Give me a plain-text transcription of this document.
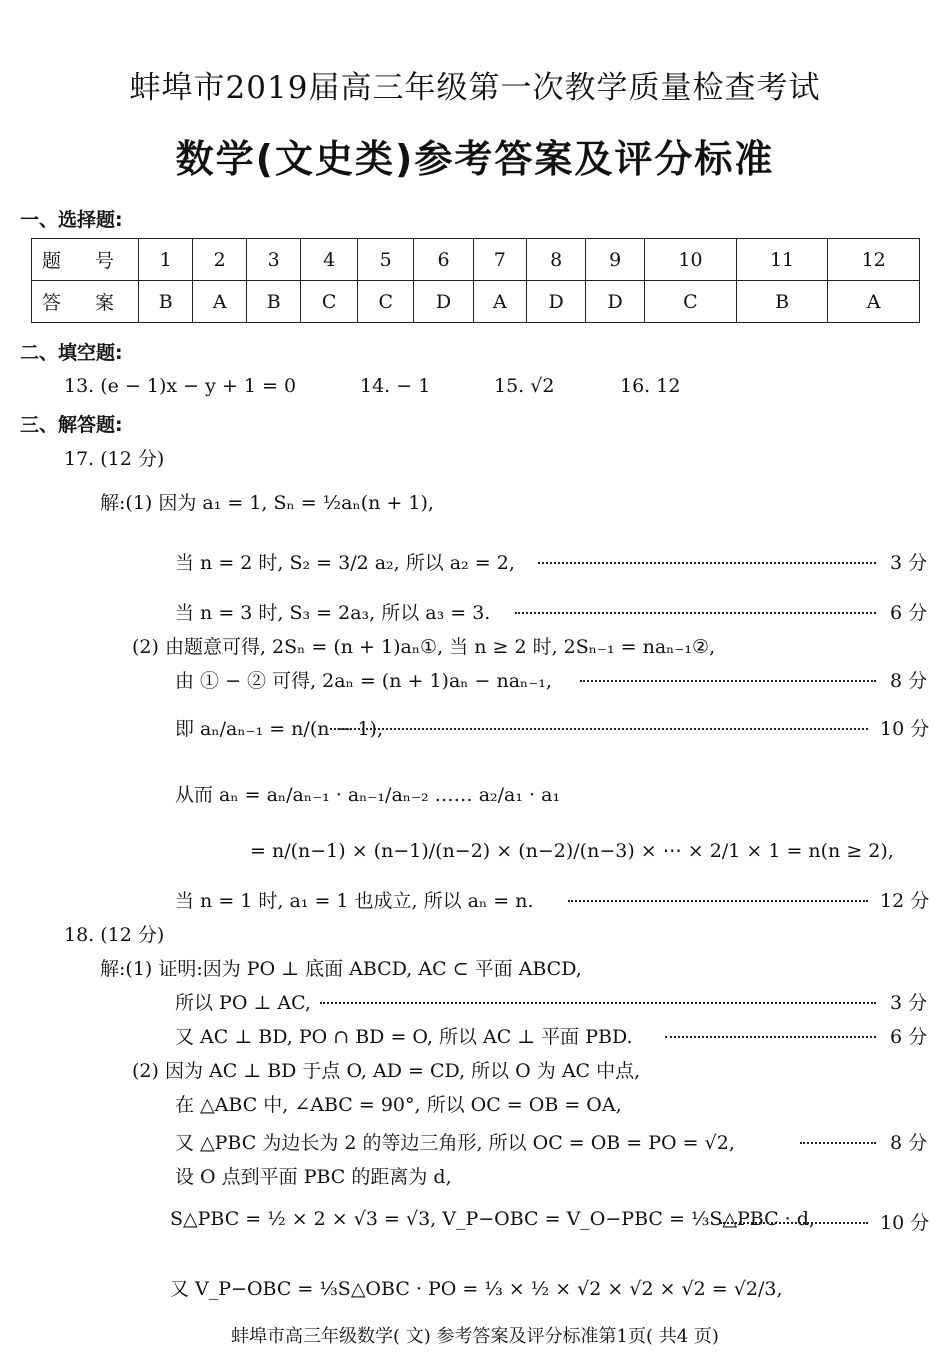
蚌埠市2019届高三年级第一次教学质量检查考试
数学(文史类)参考答案及评分标准
一、选择题:
题 号	1	2	3	4	5	6	7	8	9	10	11	12
答 案	B	A	B	C	C	D	A	D	D	C	B	A
二、填空题:
13. (e − 1)x − y + 1 = 0	14. − 1	15. √2	16. 12
三、解答题:
17. (12 分)
解:(1) 因为 a₁ = 1, Sₙ = ½aₙ(n + 1),
当 n = 2 时, S₂ = 3/2 a₂, 所以 a₂ = 2,	3 分
当 n = 3 时, S₃ = 2a₃, 所以 a₃ = 3.	6 分
(2) 由题意可得, 2Sₙ = (n + 1)aₙ①, 当 n ≥ 2 时, 2Sₙ₋₁ = naₙ₋₁②,
由 ① − ② 可得, 2aₙ = (n + 1)aₙ − naₙ₋₁,	8 分
即 aₙ/aₙ₋₁ = n/(n − 1),	10 分
从而 aₙ = aₙ/aₙ₋₁ · aₙ₋₁/aₙ₋₂ …… a₂/a₁ · a₁
= n/(n−1) × (n−1)/(n−2) × (n−2)/(n−3) × ⋯ × 2/1 × 1 = n(n ≥ 2),
当 n = 1 时, a₁ = 1 也成立, 所以 aₙ = n.	12 分
18. (12 分)
解:(1) 证明:因为 PO ⊥ 底面 ABCD, AC ⊂ 平面 ABCD,
所以 PO ⊥ AC,	3 分
又 AC ⊥ BD, PO ∩ BD = O, 所以 AC ⊥ 平面 PBD.	6 分
(2) 因为 AC ⊥ BD 于点 O, AD = CD, 所以 O 为 AC 中点,
在 △ABC 中, ∠ABC = 90°, 所以 OC = OB = OA,
又 △PBC 为边长为 2 的等边三角形, 所以 OC = OB = PO = √2,	8 分
设 O 点到平面 PBC 的距离为 d,
S△PBC = ½ × 2 × √3 = √3, V_P−OBC = V_O−PBC = ⅓S△PBC · d,	10 分
又 V_P−OBC = ⅓S△OBC · PO = ⅓ × ½ × √2 × √2 × √2 = √2/3,
蚌埠市高三年级数学( 文) 参考答案及评分标准第1页( 共4 页)
